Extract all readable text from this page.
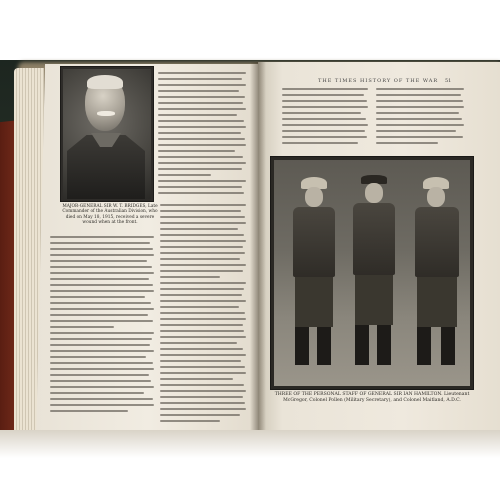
MAJOR-GENERAL SIR W. T. BRIDGES, Late Commander of the Australian Division, who died on May 18, 1915, received a severe wound when at the front.
THE TIMES HISTORY OF THE WAR 51
THREE OF THE PERSONAL STAFF OF GENERAL SIR IAN HAMILTON. Lieutenant McGregor, Colonel Pollen (Military Secretary), and Colonel Maitland, A.D.C.
